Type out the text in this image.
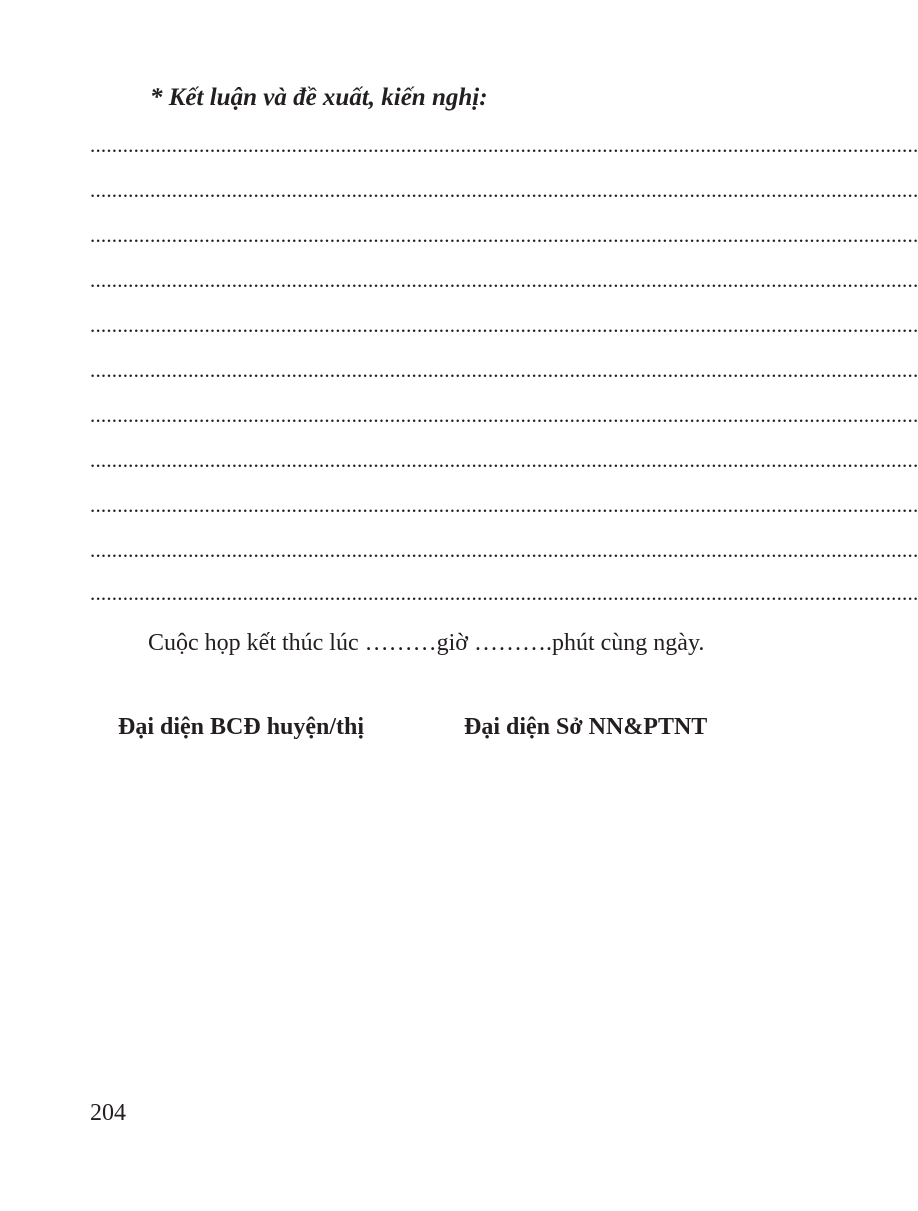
* Kết luận và đề xuất, kiến nghị:
........................................................................................................................................................
........................................................................................................................................................
........................................................................................................................................................
........................................................................................................................................................
........................................................................................................................................................
........................................................................................................................................................
........................................................................................................................................................
........................................................................................................................................................
........................................................................................................................................................
........................................................................................................................................................
........................................................................................................................................................
Cuộc họp kết thúc lúc ………giờ ……….phút cùng ngày.
Đại diện BCĐ huyện/thị	Đại diện Sở NN&PTNT
204
